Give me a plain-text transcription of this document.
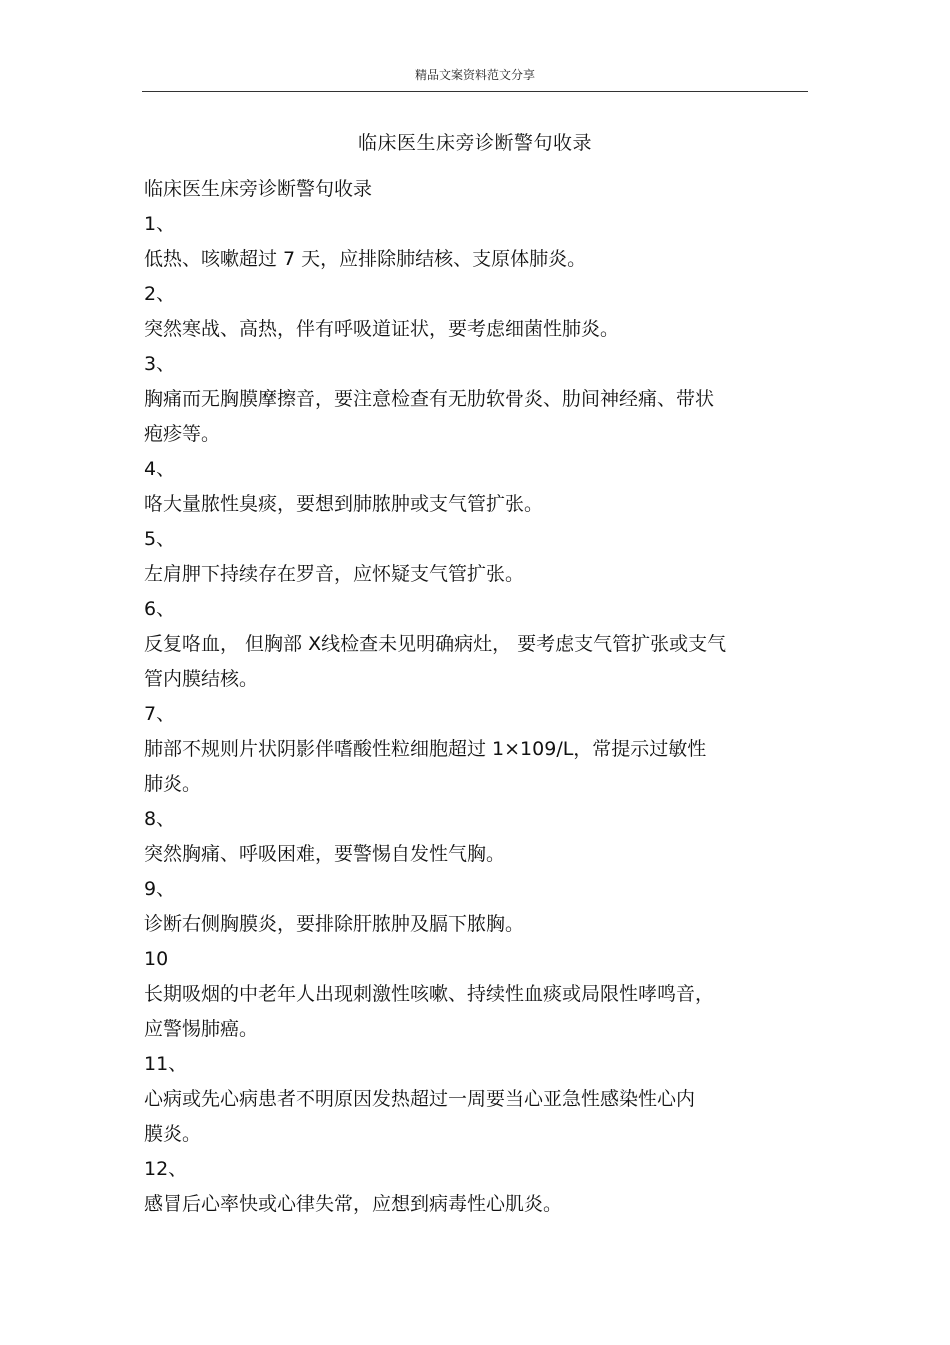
精品文案资料范文分享
临床医生床旁诊断警句收录
临床医生床旁诊断警句收录
1、
低热、咳嗽超过 7 天，应排除肺结核、支原体肺炎。
2、
突然寒战、高热，伴有呼吸道证状，要考虑细菌性肺炎。
3、
胸痛而无胸膜摩擦音，要注意检查有无肋软骨炎、肋间神经痛、带状
疱疹等。
4、
咯大量脓性臭痰，要想到肺脓肿或支气管扩张。
5、
左肩胛下持续存在罗音，应怀疑支气管扩张。
6、
反复咯血， 但胸部 X线检查未见明确病灶， 要考虑支气管扩张或支气
管内膜结核。
7、
肺部不规则片状阴影伴嗜酸性粒细胞超过 1×109/L，常提示过敏性
肺炎。
8、
突然胸痛、呼吸困难，要警惕自发性气胸。
9、
诊断右侧胸膜炎，要排除肝脓肿及膈下脓胸。
10
长期吸烟的中老年人出现刺激性咳嗽、持续性血痰或局限性哮鸣音，
应警惕肺癌。
11、
心病或先心病患者不明原因发热超过一周要当心亚急性感染性心内
膜炎。
12、
感冒后心率快或心律失常，应想到病毒性心肌炎。
